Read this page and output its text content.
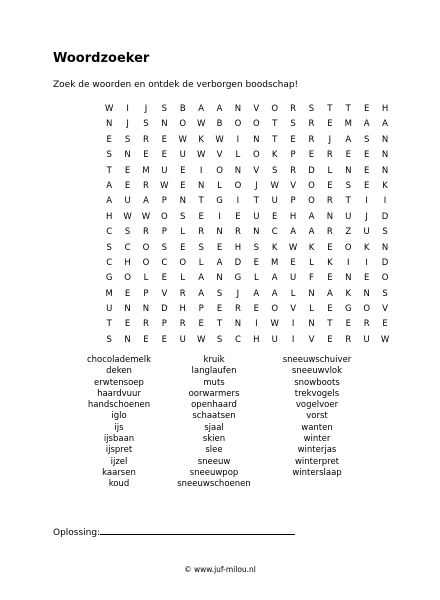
Woordzoeker
Zoek de woorden en ontdek de verborgen boodschap!
W I J S B A A N V O R S T T E H
N J S N O W B O O T S R E M A A
E S R E W K W I N T E R J A S N
S N E E U W V L O K P E R E E N
T E M U E I O N V S R D L N E N
A E R W E N L O J W V O E S E K
A U A P N T G I T U P O R T I I
H W W O S E I E U E H A N U J D
C S R P L R N R N C A A R Z U S
S C O S E S E H S K W K E O K N
C H O C O L A D E M E L K I I D
G O L E L A N G L A U F E N E O
M E P V R A S J A A L N A K N S
U N N D H P E R E O V L E G O V
T E R P R E T N I W I N T E R E
S N E E U W S C H U I V E R U W
chocolademelk
deken
erwtensoep
haardvuur
handschoenen
iglo
ijs
ijsbaan
ijspret
ijzel
kaarsen
koud
kruik
langlaufen
muts
oorwarmers
openhaard
schaatsen
sjaal
skien
slee
sneeuw
sneeuwpop
sneeuwschoenen
sneeuwschuiver
sneeuwvlok
snowboots
trekvogels
vogelvoer
vorst
wanten
winter
winterjas
winterpret
winterslaap
Oplossing:
© www.juf-milou.nl
